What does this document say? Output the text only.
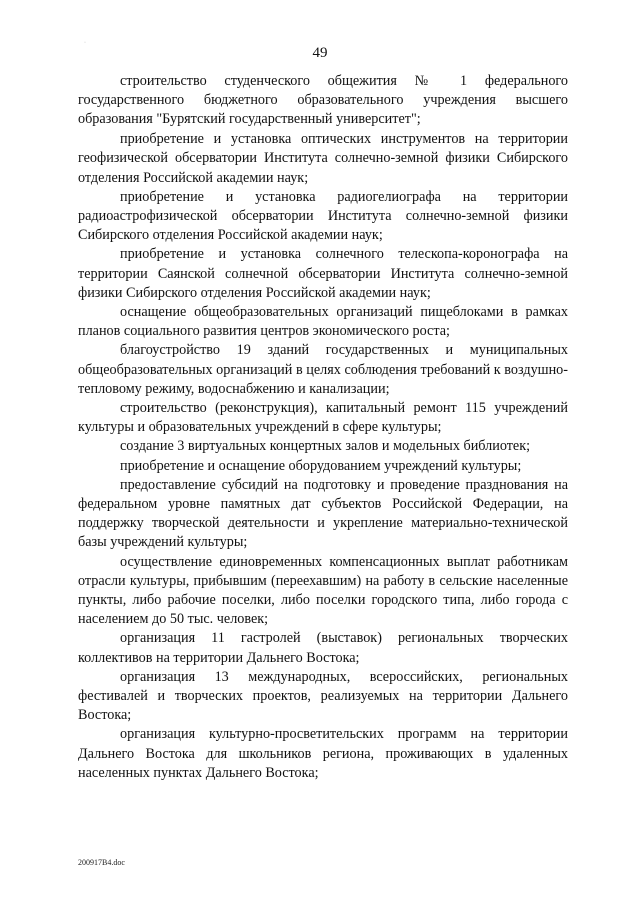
·
49

строительство студенческого общежития № 1 федерального государственного бюджетного образовательного учреждения высшего образования "Бурятский государственный университет";

приобретение и установка оптических инструментов на территории геофизической обсерватории Института солнечно-земной физики Сибирского отделения Российской академии наук;

приобретение и установка радиогелиографа на территории радиоастрофизической обсерватории Института солнечно-земной физики Сибирского отделения Российской академии наук;

приобретение и установка солнечного телескопа-коронографа на территории Саянской солнечной обсерватории Института солнечно-земной физики Сибирского отделения Российской академии наук;

оснащение общеобразовательных организаций пищеблоками в рамках планов социального развития центров экономического роста;

благоустройство 19 зданий государственных и муниципальных общеобразовательных организаций в целях соблюдения требований к воздушно-тепловому режиму, водоснабжению и канализации;

строительство (реконструкция), капитальный ремонт 115 учреждений культуры и образовательных учреждений в сфере культуры;

создание 3 виртуальных концертных залов и модельных библиотек;

приобретение и оснащение оборудованием учреждений культуры;

предоставление субсидий на подготовку и проведение празднования на федеральном уровне памятных дат субъектов Российской Федерации, на поддержку творческой деятельности и укрепление материально-технической базы учреждений культуры;

осуществление единовременных компенсационных выплат работникам отрасли культуры, прибывшим (переехавшим) на работу в сельские населенные пункты, либо рабочие поселки, либо поселки городского типа, либо города с населением до 50 тыс. человек;

организация 11 гастролей (выставок) региональных творческих коллективов на территории Дальнего Востока;

организация 13 международных, всероссийских, региональных фестивалей и творческих проектов, реализуемых на территории Дальнего Востока;

организация культурно-просветительских программ на территории Дальнего Востока для школьников региона, проживающих в удаленных населенных пунктах Дальнего Востока;

200917В4.doc
